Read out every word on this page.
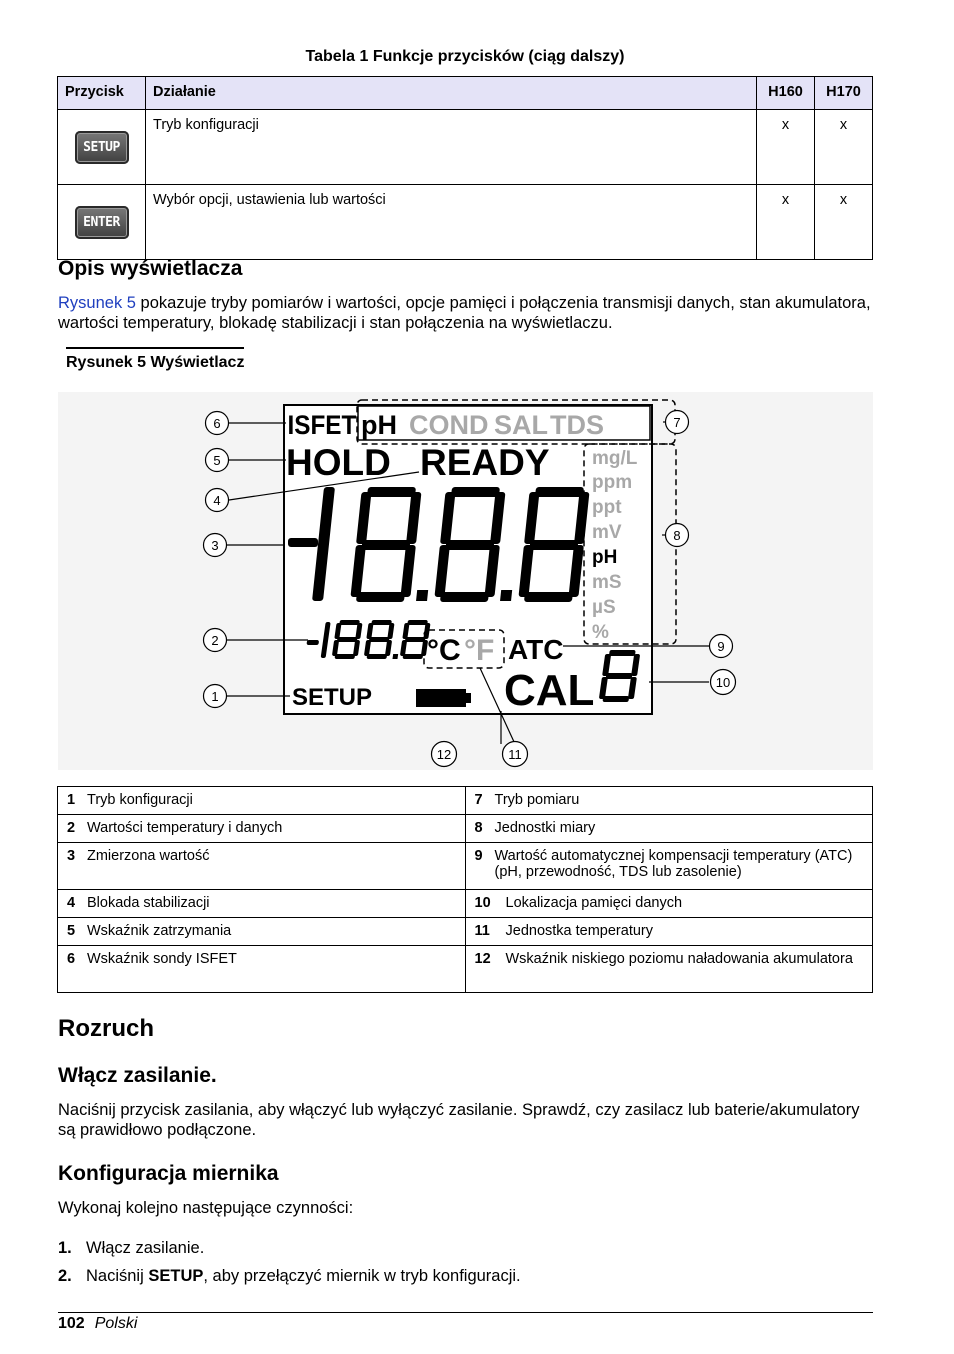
Tabela 1 Funkcje przycisków (ciąg dalszy)
Przycisk	Działanie	H160	H170
SETUP	Tryb konfiguracji	x	x
ENTER	Wybór opcji, ustawienia lub wartości	x	x
Opis wyświetlacza

Rysunek 5 pokazuje tryby pomiarów i wartości, opcje pamięci i połączenia transmisji danych, stan akumulatora, wartości temperatury, blokadę stabilizacji i stan połączenia na wyświetlaczu.

Rysunek 5 Wyświetlacz
ISFET pH COND SAL TDS
HOLD READY mg/L
ppm
ppt
mV
pH
mS
µS
%
°C °F ATC
SETUP	CAL
1
2
3
4
5
6	7
8
9
10
11
12
1 Tryb konfiguracji	7 Tryb pomiaru

2 Wartości temperatury i danych	8 Jednostki miary

3 Zmierzona wartość	9 Wartość automatycznej kompensacji temperatury (ATC) (pH, przewodność, TDS lub zasolenie)

4 Blokada stabilizacji	10 Lokalizacja pamięci danych

5 Wskaźnik zatrzymania	11 Jednostka temperatury

6 Wskaźnik sondy ISFET	12 Wskaźnik niskiego poziomu naładowania akumulatora
Rozruch
Włącz zasilanie.

Naciśnij przycisk zasilania, aby włączyć lub wyłączyć zasilanie. Sprawdź, czy zasilacz lub baterie/akumulatory są prawidłowo podłączone.

Konfiguracja miernika

Wykonaj kolejno następujące czynności:

1. Włącz zasilanie.
2. Naciśnij SETUP, aby przełączyć miernik w tryb konfiguracji.
102 Polski
